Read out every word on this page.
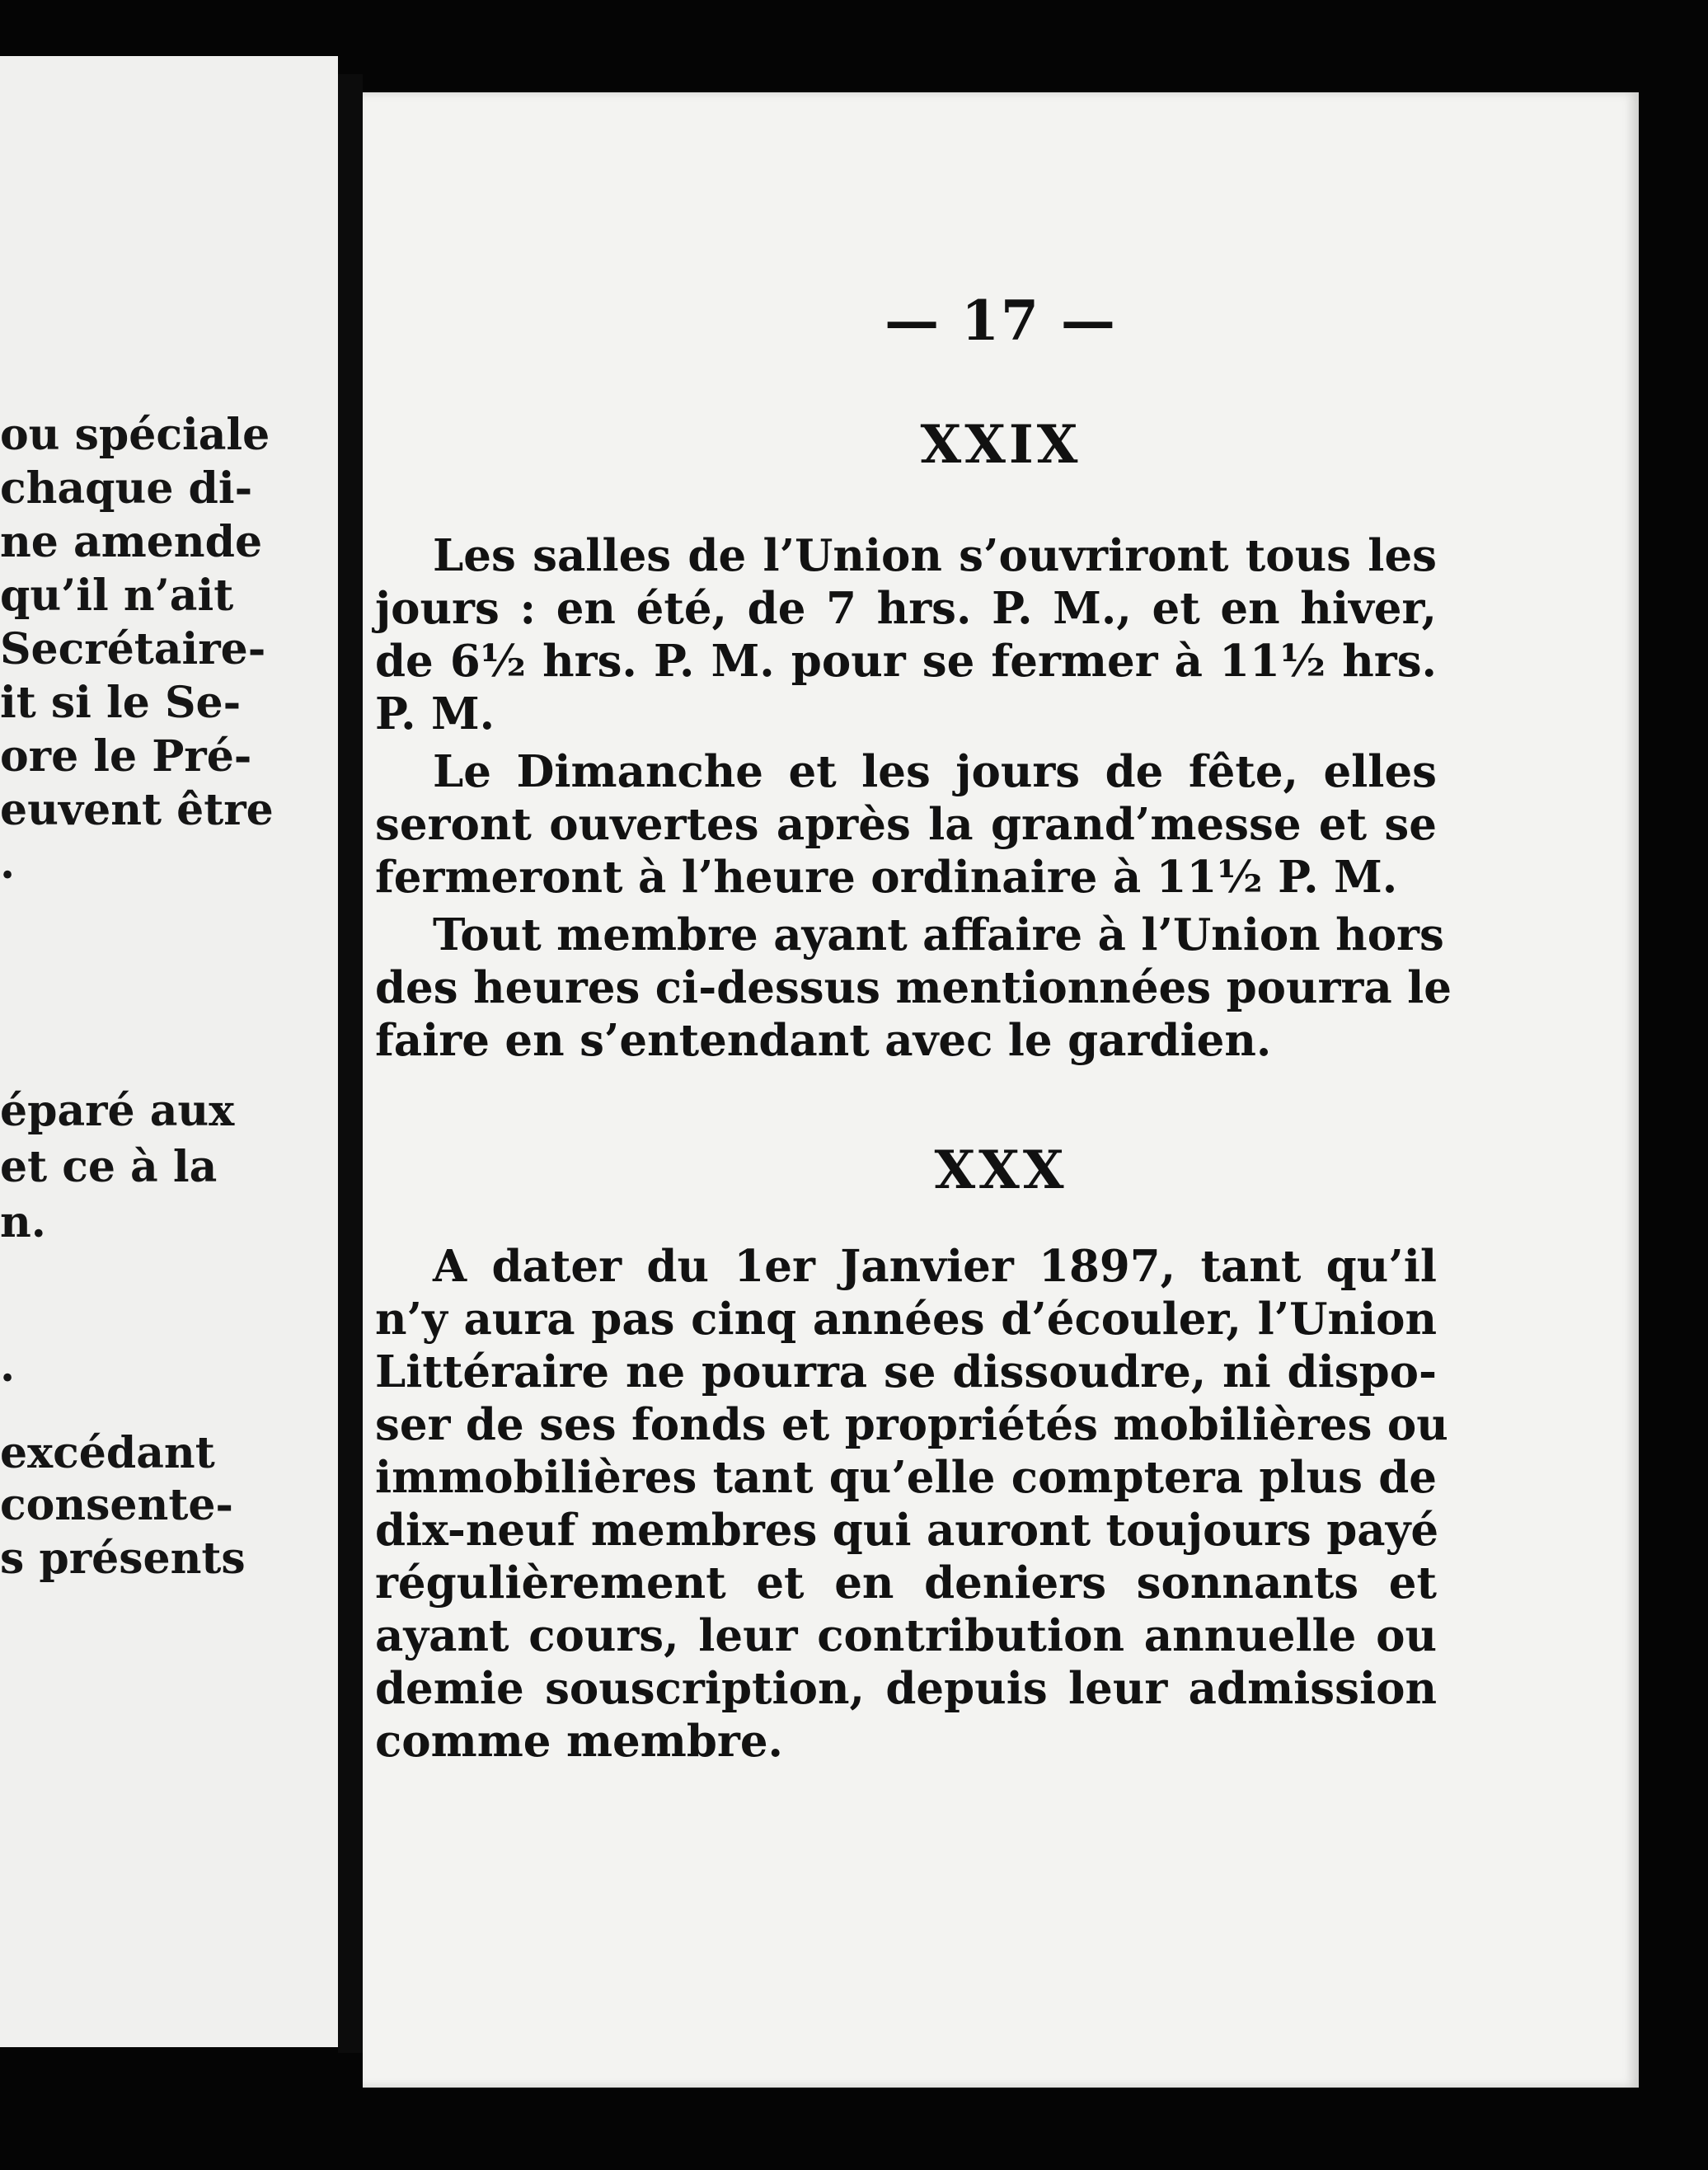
ou spéciale
chaque di-
ne amende
qu’il n’ait
Secrétaire-
it si le Se-
ore le Pré-
euvent être
.
éparé aux
et ce à la
n.
.
excédant
consente-
s présents
— 17 —
XXIX
Les salles de l’Union s’ouvriront tous les
jours : en été, de 7 hrs. P. M., et en hiver,
de 6½ hrs. P. M. pour se fermer à 11½ hrs.
P. M.
Le Dimanche et les jours de fête, elles
seront ouvertes après la grand’messe et se
fermeront à l’heure ordinaire à 11½ P. M.
Tout membre ayant affaire à l’Union hors
des heures ci-dessus mentionnées pourra le
faire en s’entendant avec le gardien.
XXX
A dater du 1er Janvier 1897, tant qu’il
n’y aura pas cinq années d’écouler, l’Union
Littéraire ne pourra se dissoudre, ni dispo-
ser de ses fonds et propriétés mobilières ou
immobilières tant qu’elle comptera plus de
dix-neuf membres qui auront toujours payé
régulièrement et en deniers sonnants et
ayant cours, leur contribution annuelle ou
demie souscription, depuis leur admission
comme membre.
